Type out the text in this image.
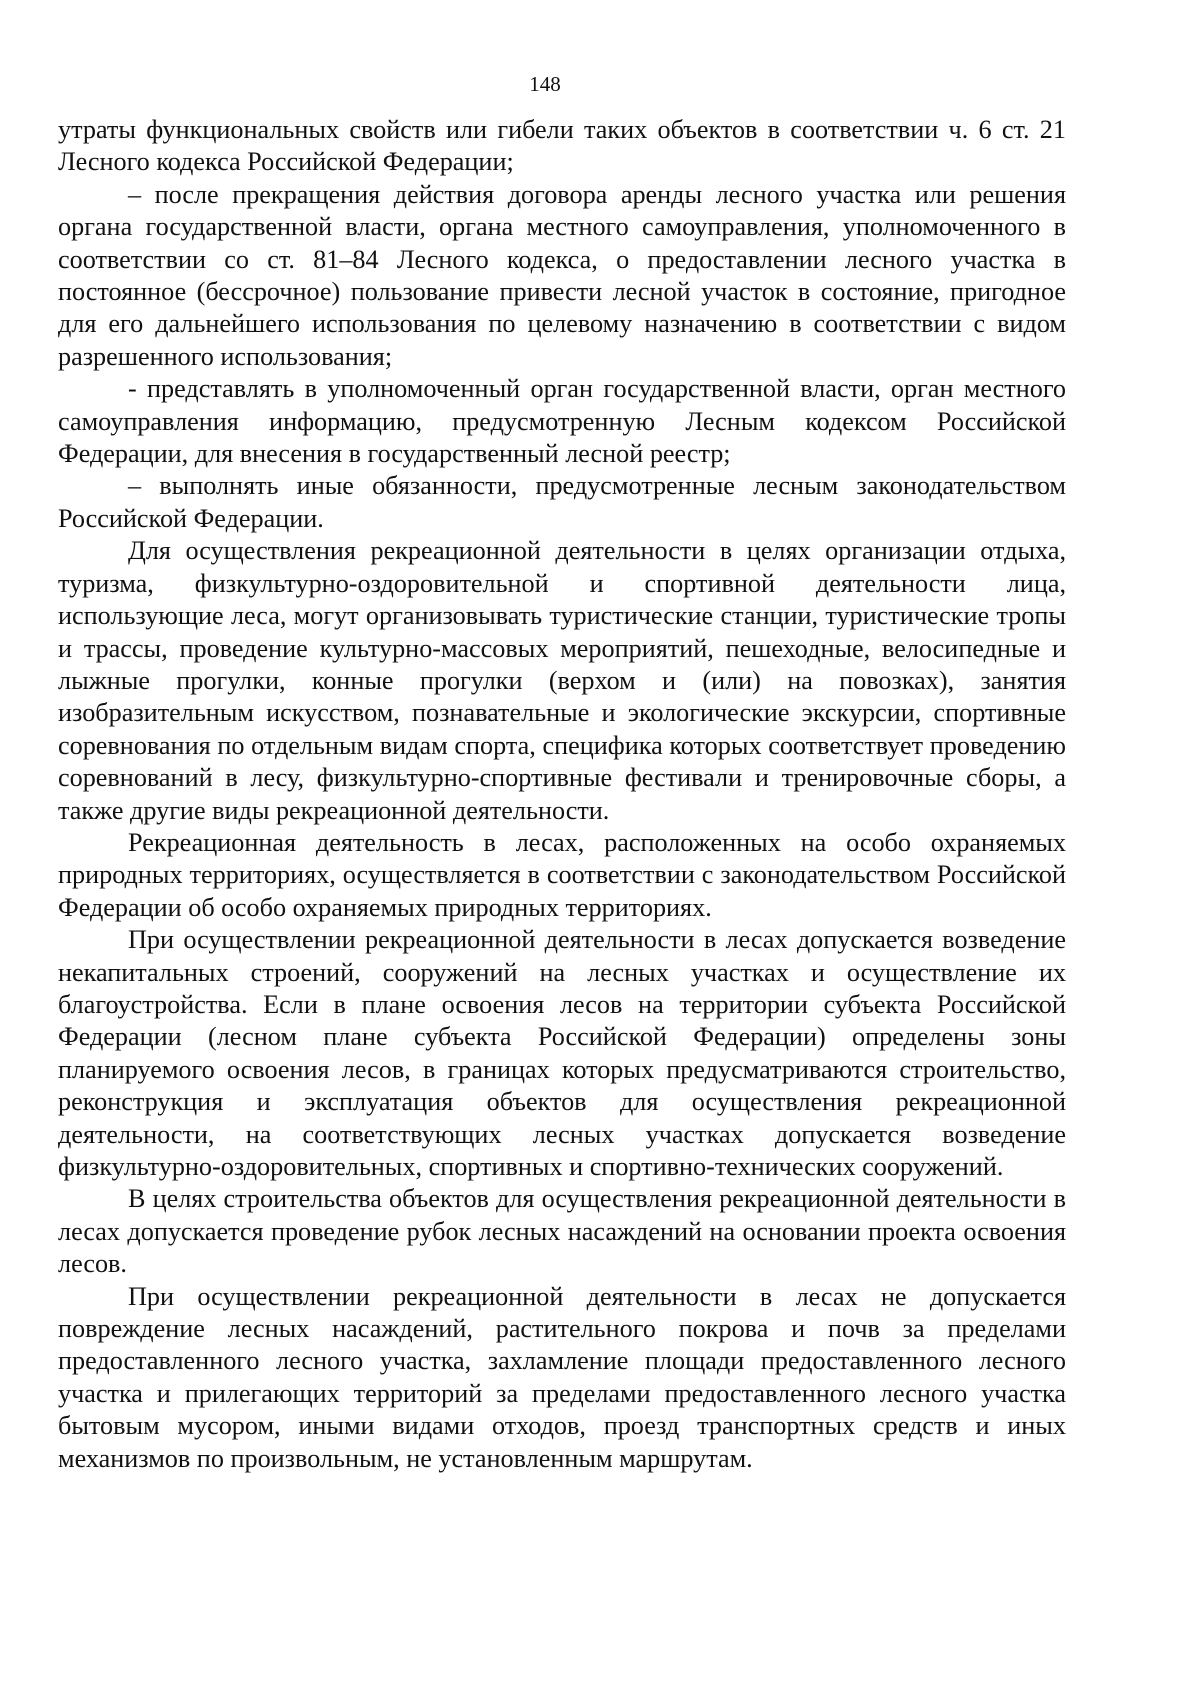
148

утраты функциональных свойств или гибели таких объектов в соответствии ч. 6 ст. 21 Лесного кодекса Российской Федерации;

– после прекращения действия договора аренды лесного участка или решения органа государственной власти, органа местного самоуправления, уполномоченного в соответствии со ст. 81–84 Лесного кодекса, о предоставлении лесного участка в постоянное (бессрочное) пользование привести лесной участок в состояние, пригодное для его дальнейшего использования по целевому назначению в соответствии с видом разрешенного использования;

- представлять в уполномоченный орган государственной власти, орган местного самоуправления информацию, предусмотренную Лесным кодексом Российской Федерации, для внесения в государственный лесной реестр;

– выполнять иные обязанности, предусмотренные лесным законодательством Российской Федерации.

Для осуществления рекреационной деятельности в целях организации отдыха, туризма, физкультурно-оздоровительной и спортивной деятельности лица, использующие леса, могут организовывать туристические станции, туристические тропы и трассы, проведение культурно-массовых мероприятий, пешеходные, велосипедные и лыжные прогулки, конные прогулки (верхом и (или) на повозках), занятия изобразительным искусством, познавательные и экологические экскурсии, спортивные соревнования по отдельным видам спорта, специфика которых соответствует проведению соревнований в лесу, физкультурно-спортивные фестивали и тренировочные сборы, а также другие виды рекреационной деятельности.

Рекреационная деятельность в лесах, расположенных на особо охраняемых природных территориях, осуществляется в соответствии с законодательством Российской Федерации об особо охраняемых природных территориях.

При осуществлении рекреационной деятельности в лесах допускается возведение некапитальных строений, сооружений на лесных участках и осуществление их благоустройства. Если в плане освоения лесов на территории субъекта Российской Федерации (лесном плане субъекта Российской Федерации) определены зоны планируемого освоения лесов, в границах которых предусматриваются строительство, реконструкция и эксплуатация объектов для осуществления рекреационной деятельности, на соответствующих лесных участках допускается возведение физкультурно-оздоровительных, спортивных и спортивно-технических сооружений.

В целях строительства объектов для осуществления рекреационной деятельности в лесах допускается проведение рубок лесных насаждений на основании проекта освоения лесов.

При осуществлении рекреационной деятельности в лесах не допускается повреждение лесных насаждений, растительного покрова и почв за пределами предоставленного лесного участка, захламление площади предоставленного лесного участка и прилегающих территорий за пределами предоставленного лесного участка бытовым мусором, иными видами отходов, проезд транспортных средств и иных механизмов по произвольным, не установленным маршрутам.
